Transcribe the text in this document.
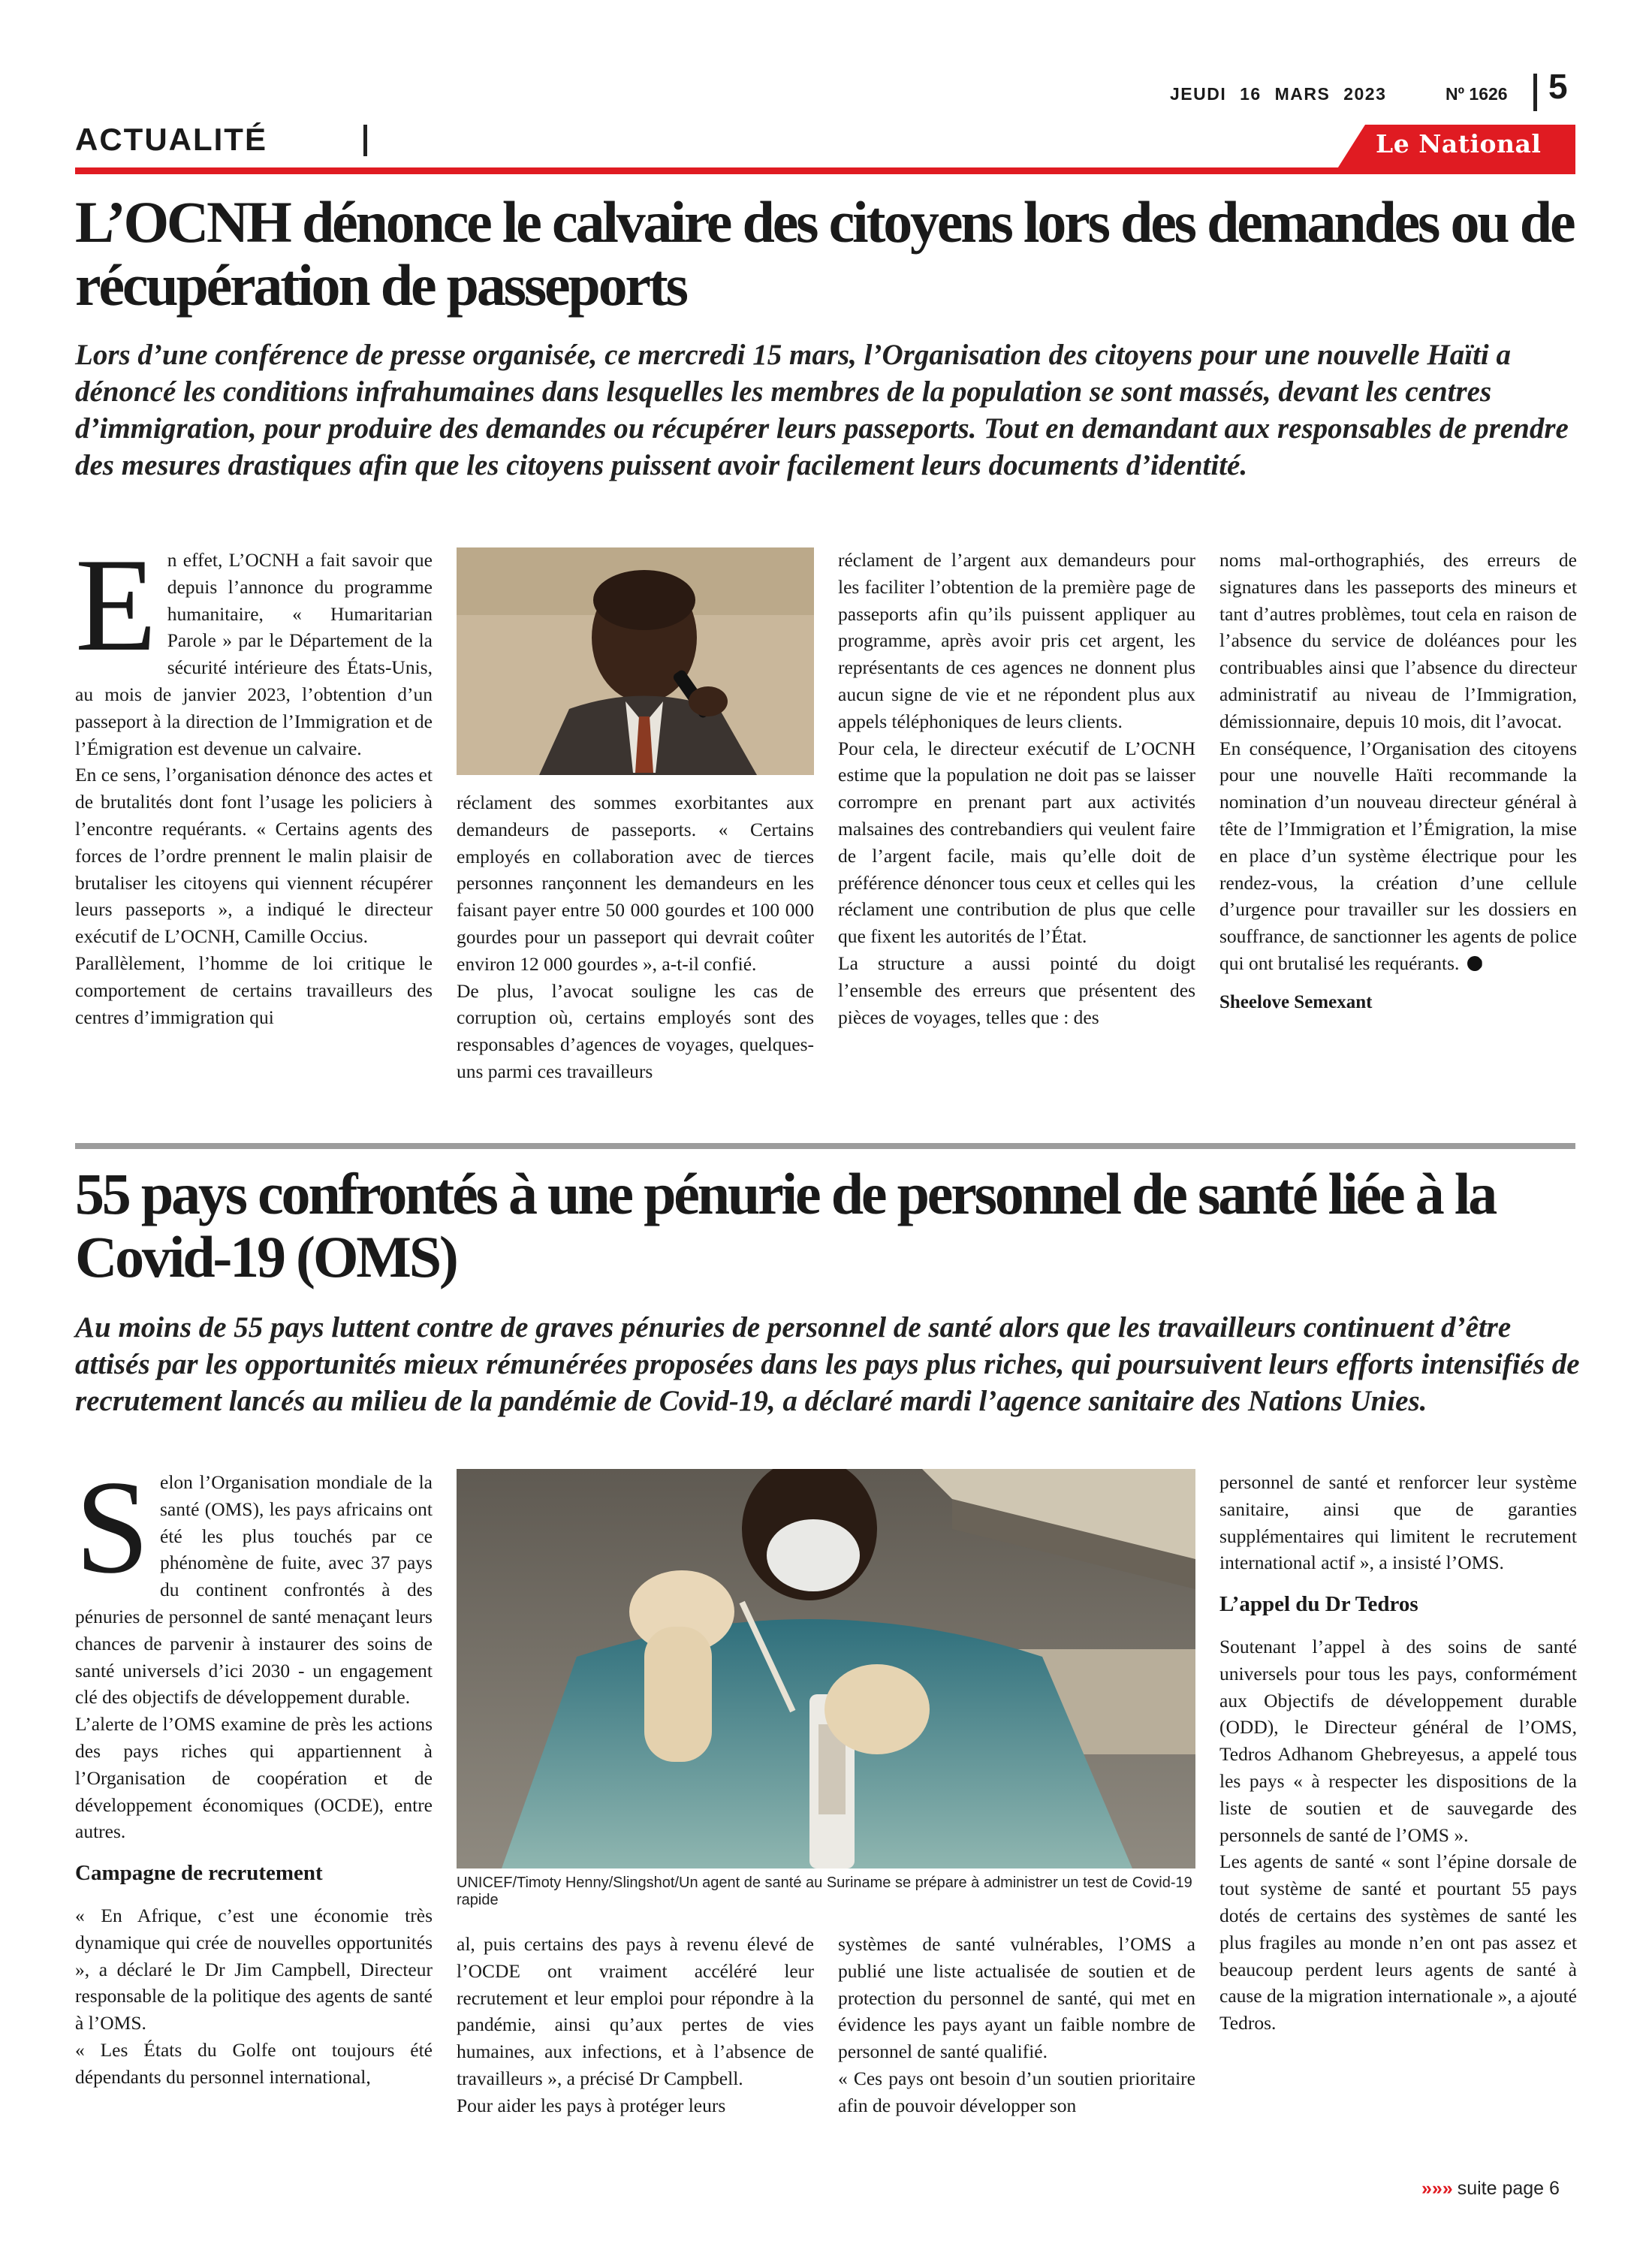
JEUDI 16 MARS 2023	Nº 1626 5
ACTUALITÉ	Le National
L’OCNH dénonce le calvaire des citoyens lors des demandes ou de récupération de passeports

Lors d’une conférence de presse organisée, ce mercredi 15 mars, l’Organisation des citoyens pour une nouvelle Haïti a dénoncé les conditions infrahumaines dans lesquelles les membres de la population se sont massés, devant les centres d’immigration, pour produire des demandes ou récupérer leurs passeports. Tout en demandant aux responsables de prendre des mesures drastiques afin que les citoyens puissent avoir facilement leurs documents d’identité.

En effet, L’OCNH a fait savoir que depuis l’annonce du programme humanitaire, « Humaritarian Parole » par le Département de la sécurité intérieure des États-Unis, au mois de janvier 2023, l’obtention d’un passeport à la direction de l’Immigration et de l’Émigration est devenue un calvaire.

En ce sens, l’organisation dénonce des actes et de brutalités dont font l’usage les policiers à l’encontre requérants. « Certains agents des forces de l’ordre prennent le malin plaisir de brutaliser les citoyens qui viennent récupérer leurs passeports », a indiqué le directeur exécutif de L’OCNH, Camille Occius.

Parallèlement, l’homme de loi critique le comportement de certains travailleurs des centres d’immigration qui

réclament des sommes exorbitantes aux demandeurs de passeports. « Certains employés en collaboration avec de tierces personnes rançonnent les demandeurs en les faisant payer entre 50 000 gourdes et 100 000 gourdes pour un passeport qui devrait coûter environ 12 000 gourdes », a-t-il confié.

De plus, l’avocat souligne les cas de corruption où, certains employés sont des responsables d’agences de voyages, quelques-uns parmi ces travailleurs

réclament de l’argent aux demandeurs pour les faciliter l’obtention de la première page de passeports afin qu’ils puissent appliquer au programme, après avoir pris cet argent, les représentants de ces agences ne donnent plus aucun signe de vie et ne répondent plus aux appels téléphoniques de leurs clients.

Pour cela, le directeur exécutif de L’OCNH estime que la population ne doit pas se laisser corrompre en prenant part aux activités malsaines des contrebandiers qui veulent faire de l’argent facile, mais qu’elle doit de préférence dénoncer tous ceux et celles qui les réclament une contribution de plus que celle que fixent les autorités de l’État.

La structure a aussi pointé du doigt l’ensemble des erreurs que présentent des pièces de voyages, telles que : des

noms mal-orthographiés, des erreurs de signatures dans les passeports des mineurs et tant d’autres problèmes, tout cela en raison de l’absence du service de doléances pour les contribuables ainsi que l’absence du directeur administratif au niveau de l’Immigration, démissionnaire, depuis 10 mois, dit l’avocat.

En conséquence, l’Organisation des citoyens pour une nouvelle Haïti recommande la nomination d’un nouveau directeur général à tête de l’Immigration et l’Émigration, la mise en place d’un système électrique pour les rendez-vous, la création d’une cellule d’urgence pour travailler sur les dossiers en souffrance, de sanctionner les agents de police qui ont brutalisé les requérants.

Sheelove Semexant

55 pays confrontés à une pénurie de personnel de santé liée à la Covid-19 (OMS)

Au moins de 55 pays luttent contre de graves pénuries de personnel de santé alors que les travailleurs continuent d’être attisés par les opportunités mieux rémunérées proposées dans les pays plus riches, qui poursuivent leurs efforts intensifiés de recrutement lancés au milieu de la pandémie de Covid-19, a déclaré mardi l’agence sanitaire des Nations Unies.

Selon l’Organisation mondiale de la santé (OMS), les pays africains ont été les plus touchés par ce phénomène de fuite, avec 37 pays du continent confrontés à des pénuries de personnel de santé menaçant leurs chances de parvenir à instaurer des soins de santé universels d’ici 2030 - un engagement clé des objectifs de développement durable.

L’alerte de l’OMS examine de près les actions des pays riches qui appartiennent à l’Organisation de coopération et de développement économiques (OCDE), entre autres.

Campagne de recrutement

« En Afrique, c’est une économie très dynamique qui crée de nouvelles opportunités », a déclaré le Dr Jim Campbell, Directeur responsable de la politique des agents de santé à l’OMS.

« Les États du Golfe ont toujours été dépendants du personnel international,

UNICEF/Timoty Henny/Slingshot/Un agent de santé au Suriname se prépare à administrer un test de Covid-19 rapide

al, puis certains des pays à revenu élevé de l’OCDE ont vraiment accéléré leur recrutement et leur emploi pour répondre à la pandémie, ainsi qu’aux pertes de vies humaines, aux infections, et à l’absence de travailleurs », a précisé Dr Campbell.

Pour aider les pays à protéger leurs

systèmes de santé vulnérables, l’OMS a publié une liste actualisée de soutien et de protection du personnel de santé, qui met en évidence les pays ayant un faible nombre de personnel de santé qualifié.

« Ces pays ont besoin d’un soutien prioritaire afin de pouvoir développer son

personnel de santé et renforcer leur système sanitaire, ainsi que de garanties supplémentaires qui limitent le recrutement international actif », a insisté l’OMS.

L’appel du Dr Tedros

Soutenant l’appel à des soins de santé universels pour tous les pays, conformément aux Objectifs de développement durable (ODD), le Directeur général de l’OMS, Tedros Adhanom Ghebreyesus, a appelé tous les pays « à respecter les dispositions de la liste de soutien et de sauvegarde des personnels de santé de l’OMS ».

Les agents de santé « sont l’épine dorsale de tout système de santé et pourtant 55 pays dotés de certains des systèmes de santé les plus fragiles au monde n’en ont pas assez et beaucoup perdent leurs agents de santé à cause de la migration internationale », a ajouté Tedros.

»»» suite page 6
